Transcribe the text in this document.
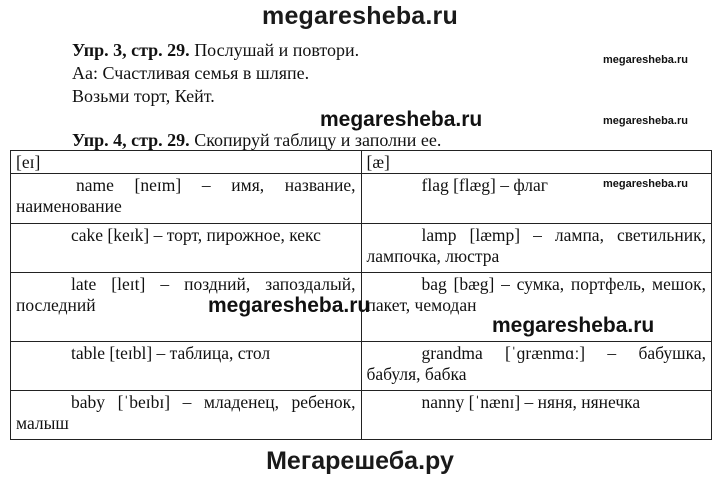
megaresheba.ru
Упр. 3, стр. 29. Послушай и повтори.
Aa: Счастливая семья в шляпе.
Возьми торт, Кейт.
Упр. 4, стр. 29. Скопируй таблицу и заполни ее.
[eɪ]	[æ]
name [neɪm] – имя, название, наименование	flag [flæg] – флаг
cake [keɪk] – торт, пирожное, кекс	lamp [læmp] – лампа, светильник, лампочка, люстра
late [leɪt] – поздний, запоздалый, последний	bag [bæg] – сумка, портфель, мешок, пакет, чемодан
table [teɪbl] – таблица, стол	grandma [ˈɡrænmɑː] – бабушка, бабуля, бабка
baby [ˈbeɪbɪ] – младенец, ребенок, малыш	nanny [ˈnænɪ] – няня, нянечка
megaresheba.ru
megaresheba.ru
megaresheba.ru
megaresheba.ru
megaresheba.ru
megaresheba.ru
Мегарешеба.ру
